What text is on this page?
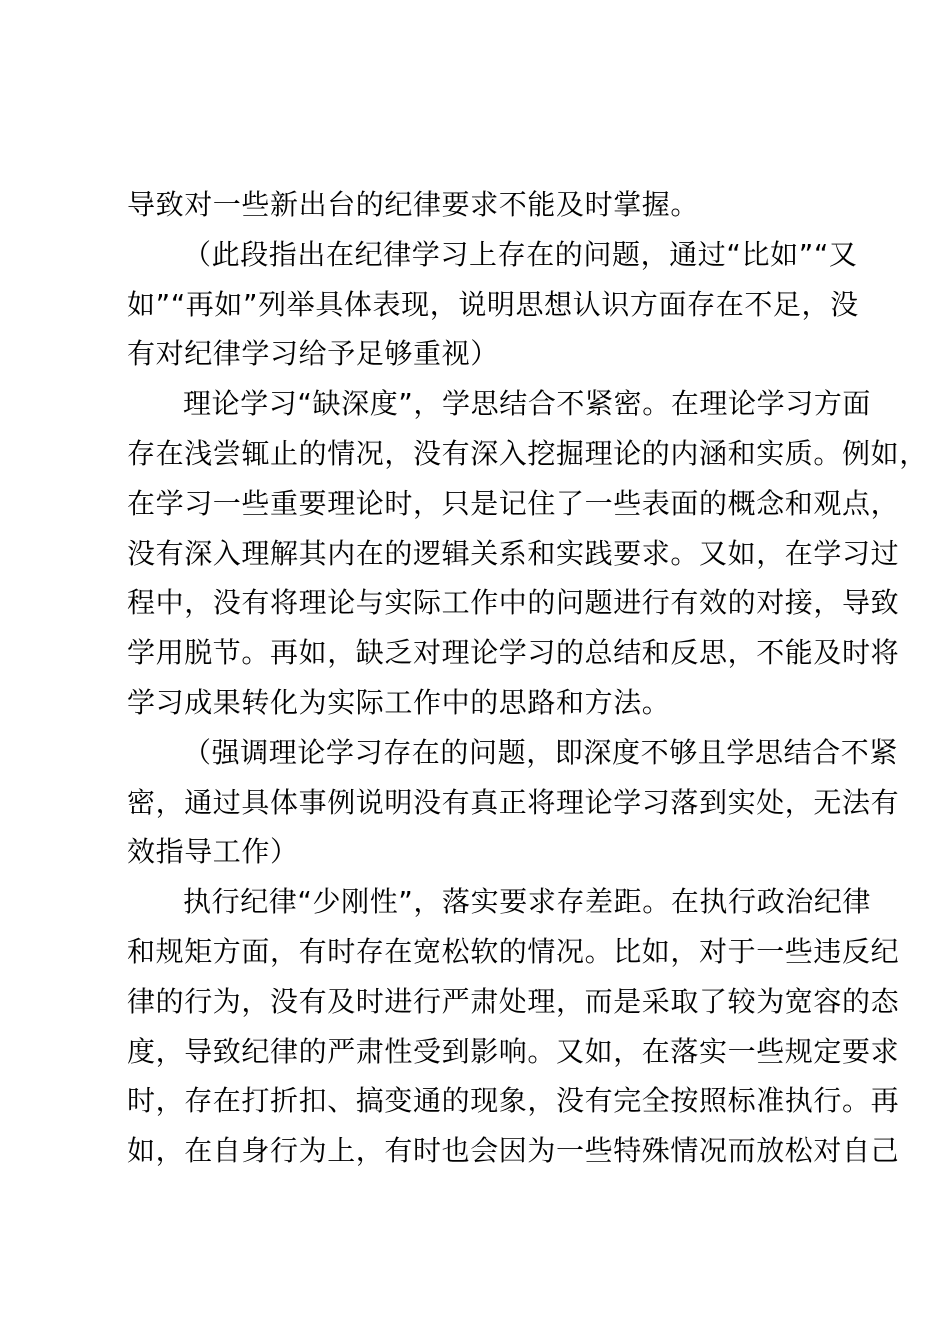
导致对一些新出台的纪律要求不能及时掌握。

（此段指出在纪律学习上存在的问题，通过“比如”“又
如”“再如”列举具体表现，说明思想认识方面存在不足，没
有对纪律学习给予足够重视）

理论学习“缺深度”，学思结合不紧密。在理论学习方面
存在浅尝辄止的情况，没有深入挖掘理论的内涵和实质。例如，
在学习一些重要理论时，只是记住了一些表面的概念和观点，
没有深入理解其内在的逻辑关系和实践要求。又如，在学习过
程中，没有将理论与实际工作中的问题进行有效的对接，导致
学用脱节。再如，缺乏对理论学习的总结和反思，不能及时将
学习成果转化为实际工作中的思路和方法。

（强调理论学习存在的问题，即深度不够且学思结合不紧
密，通过具体事例说明没有真正将理论学习落到实处，无法有
效指导工作）

执行纪律“少刚性”，落实要求存差距。在执行政治纪律
和规矩方面，有时存在宽松软的情况。比如，对于一些违反纪
律的行为，没有及时进行严肃处理，而是采取了较为宽容的态
度，导致纪律的严肃性受到影响。又如，在落实一些规定要求
时，存在打折扣、搞变通的现象，没有完全按照标准执行。再
如，在自身行为上，有时也会因为一些特殊情况而放松对自己
